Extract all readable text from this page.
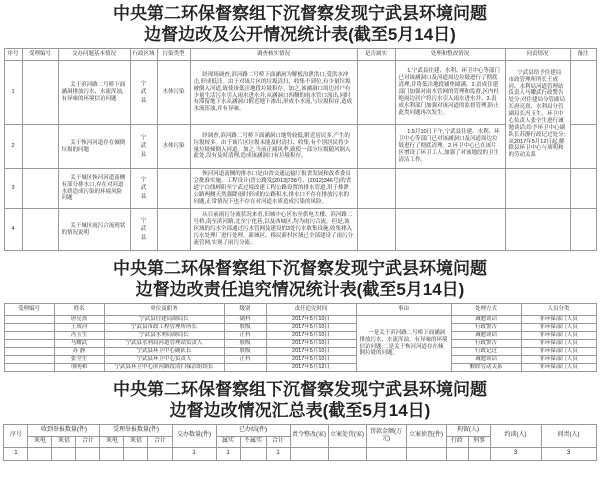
中央第二环保督察组下沉督察发现宁武县环境问题
边督边改及公开情况统计表(截至5月14日)
序号	受理编号	交办问题基本情况	行政区域	污染类型	调查核实情况	是否属实	处理和整改情况	问责情况	备注
1		关于滨河路二号桥下面涵洞排放污水、水流浑浊,有异味的环境信访问题	宁武县	水体污染	经现场调查,滨河路二号桥下面涵洞为解板沟泄洪口,受洪水冲击,形成低洼。由于对该片区的垃圾清扫、收集不到位,有少量垃圾被倒入河道,致使该低洼地段垃圾积存。加之,该涵洞口周边居户有少量生活污水引入雨水进水井,从涵洞口西侧的雨水管口流出,同时有滞留地下水从涵洞口附近地下渗出,形成小水流,与垃圾积存,造成水流浑浊,并有异味。		1.宁武县住建、水利、环卫中心等部门已对该涵洞口及河道周边垃圾进行了彻底清理,并将低洼地段铺垫圆满。2.责成住建部门加强对雨水管网的管理和监督,区内杜绝周边居户将污水引入雨水进水井。3.责成水利部门加强对该河道的监督管理,防止此类问题再次发生。	宁武县给予住建局市政管理所所长王成河、水利局河道管理站负责人马耀武行政警告处分;对住建局分管副局长唐亮熹、水利局分管副局长冯玉生、环卫中心负责人张全生进行诫勉谈话;给予环卫中心副队长苏静行政记过处分;从2017年5月12日起,解除县环卫中心与项明和的劳动关系	
2		关于恢河河道存在倾倒垃圾的问题	宁武县	水体污染	经调查,滨河路二号桥下面涵洞口地势较低,附近居民多,产生的垃圾较多。由于该片区垃圾未能及时清扫、收集,有个别居民将少量垃圾倾倒入河道。加之,当前正属风季,致使一部分垃圾随风倒入此处,没有及时清理,造成该涵洞口有垃圾积存。		1.5月10日下午,宁武县住建、水利、环卫中心等部门已对该涵洞口及河道周边垃圾进行了彻底清理。2.环卫中心已在该片区增设了环卫工人,加强了对该地段的卫生清洁工作。		
3		关于城区恢河河道南侧有部分排水口,存在对河道水质造成污染的环境风险问题	宁武县		恢河河道南侧的排水口是由省交通运输厅报省发展和改革委员会批准实施、工程设计(晋公路发[2013]738号、(2012)346号)的省道宁白线崞阳至宁武过境改建工程公路设置的排水管道,用于排泄公路两侧天然强降雨时形成的公路积水,排水口不存在排放污水的问题,正常情况下也不存在对河道水质造成污染的风险。				
4		关于城区雨污合流现状的情况说明	宁武县		从目前雨污分流状况来看,旧城中心区东至供电大楼、滨河路二号桥,南至滨河路,北至宁化巷,以及西城区,均为雨污合流。但是,该区域的污水全部通过污水管网及建设的3处污水收集设施,收集排入污水处理厂进行处理。新城区、移民新村区域已全部建设了雨污分流管网,实现了雨污分流。				
中央第二环保督察组下沉督察发现宁武县环境问题
边督边改责任追究情况统计表(截至5月14日)
受理编号	姓名	单位及职务	级别	责任追究时间	事由	处理方式	人员分类
	唐亮熹	宁武县住建局副局长	副科	2017年5月10日	一是关于滨河路二号桥下面涵洞排放污水、水流浑浊、有异味的环境信访问题;二是关于恢河河道存在倾倒垃圾的问题。	诫勉谈话	非环保部门人员
	王成河	宁武县市政工程管理所所长	股级	2017年5月10日		行政警告	非环保部门人员
	冯玉生	宁武县水利局副局长	正科	2017年5月10日		诫勉谈话	非环保部门人员
	马耀武	宁武县水利局河道管理站负责人	股级	2017年5月10日		行政警告	非环保部门人员
	苏 静	宁武县环卫中心副队长	股级	2017年5月10日		行政记过	非环保部门人员
	张全生	宁武县环卫中心负责人	正科	2017年5月10日		诫勉谈话	非环保部门人员
	项明和	宁武县环卫中心滨河路段清扫保洁组组长		2017年5月12日		解除劳动关系	非环保部门人员
中央第二环保督察组下沉督察发现宁武县环境问题
边督边改情况汇总表(截至5月14日)
序号	收到举报数量(件)			受理举报数量(件)			交办数量(件)	已办结(件)			责令整改(家)	立案处罚(家)	罚款金额(万元)	立案侦查(件)	拘留(人)		约谈(人)	问责(人)
	来电	来信	合计	来电	来信	合计		属实	不属实	合计					行政	刑事		
1							1	1		1							3	3
